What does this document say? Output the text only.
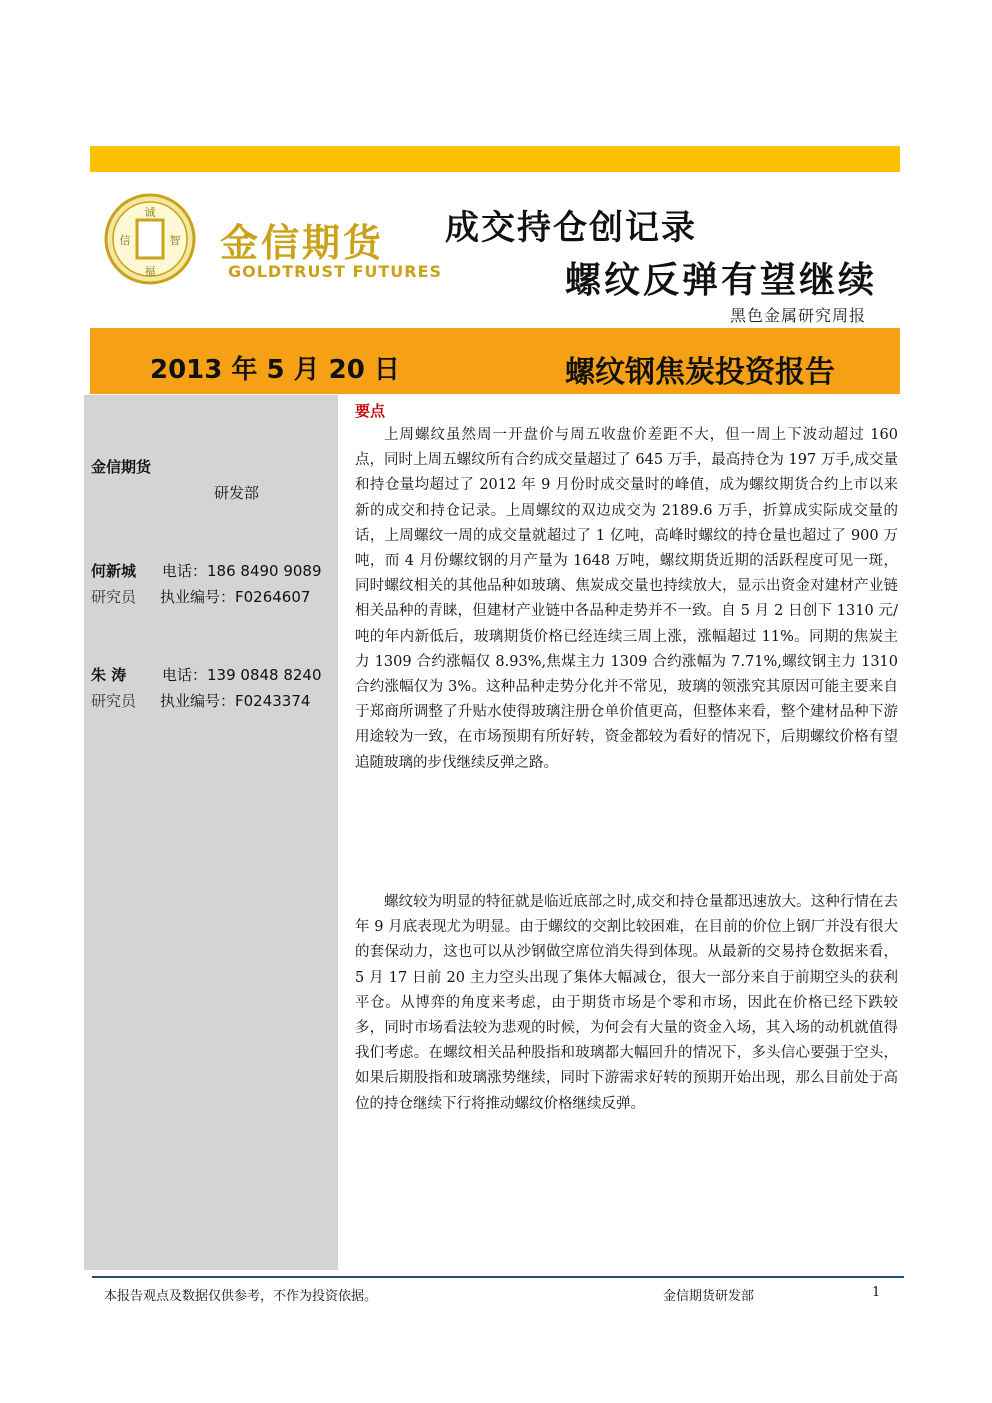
诚
信	智
福
金信期货
GOLDTRUST FUTURES
成交持仓创记录
螺纹反弹有望继续
黑色金属研究周报
2013 年 5 月 20 日	螺纹钢焦炭投资报告
金信期货
研发部
何新城 电话：186 8490 9089
研究员 执业编号：F0264607
朱 涛 电话：139 0848 8240
研究员 执业编号：F0243374
要点

上周螺纹虽然周一开盘价与周五收盘价差距不大，但一周上下波动超过 160 点，同时上周五螺纹所有合约成交量超过了 645 万手，最高持仓为 197 万手,成交量和持仓量均超过了 2012 年 9 月份时成交量时的峰值，成为螺纹期货合约上市以来新的成交和持仓记录。上周螺纹的双边成交为 2189.6 万手，折算成实际成交量的话，上周螺纹一周的成交量就超过了 1 亿吨，高峰时螺纹的持仓量也超过了 900 万吨，而 4 月份螺纹钢的月产量为 1648 万吨，螺纹期货近期的活跃程度可见一斑，同时螺纹相关的其他品种如玻璃、焦炭成交量也持续放大，显示出资金对建材产业链相关品种的青睐，但建材产业链中各品种走势并不一致。自 5 月 2 日创下 1310 元/吨的年内新低后，玻璃期货价格已经连续三周上涨，涨幅超过 11%。同期的焦炭主力 1309 合约涨幅仅 8.93%,焦煤主力 1309 合约涨幅为 7.71%,螺纹钢主力 1310 合约涨幅仅为 3%。这种品种走势分化并不常见，玻璃的领涨究其原因可能主要来自于郑商所调整了升贴水使得玻璃注册仓单价值更高，但整体来看，整个建材品种下游用途较为一致，在市场预期有所好转，资金都较为看好的情况下，后期螺纹价格有望追随玻璃的步伐继续反弹之路。

螺纹较为明显的特征就是临近底部之时,成交和持仓量都迅速放大。这种行情在去年 9 月底表现尤为明显。由于螺纹的交割比较困难，在目前的价位上钢厂并没有很大的套保动力，这也可以从沙钢做空席位消失得到体现。从最新的交易持仓数据来看，5 月 17 日前 20 主力空头出现了集体大幅减仓，很大一部分来自于前期空头的获利平仓。从博弈的角度来考虑，由于期货市场是个零和市场，因此在价格已经下跌较多，同时市场看法较为悲观的时候，为何会有大量的资金入场，其入场的动机就值得我们考虑。在螺纹相关品种股指和玻璃都大幅回升的情况下，多头信心要强于空头，如果后期股指和玻璃涨势继续，同时下游需求好转的预期开始出现，那么目前处于高位的持仓继续下行将推动螺纹价格继续反弹。

本报告观点及数据仅供参考，不作为投资依据。	金信期货研发部	1
